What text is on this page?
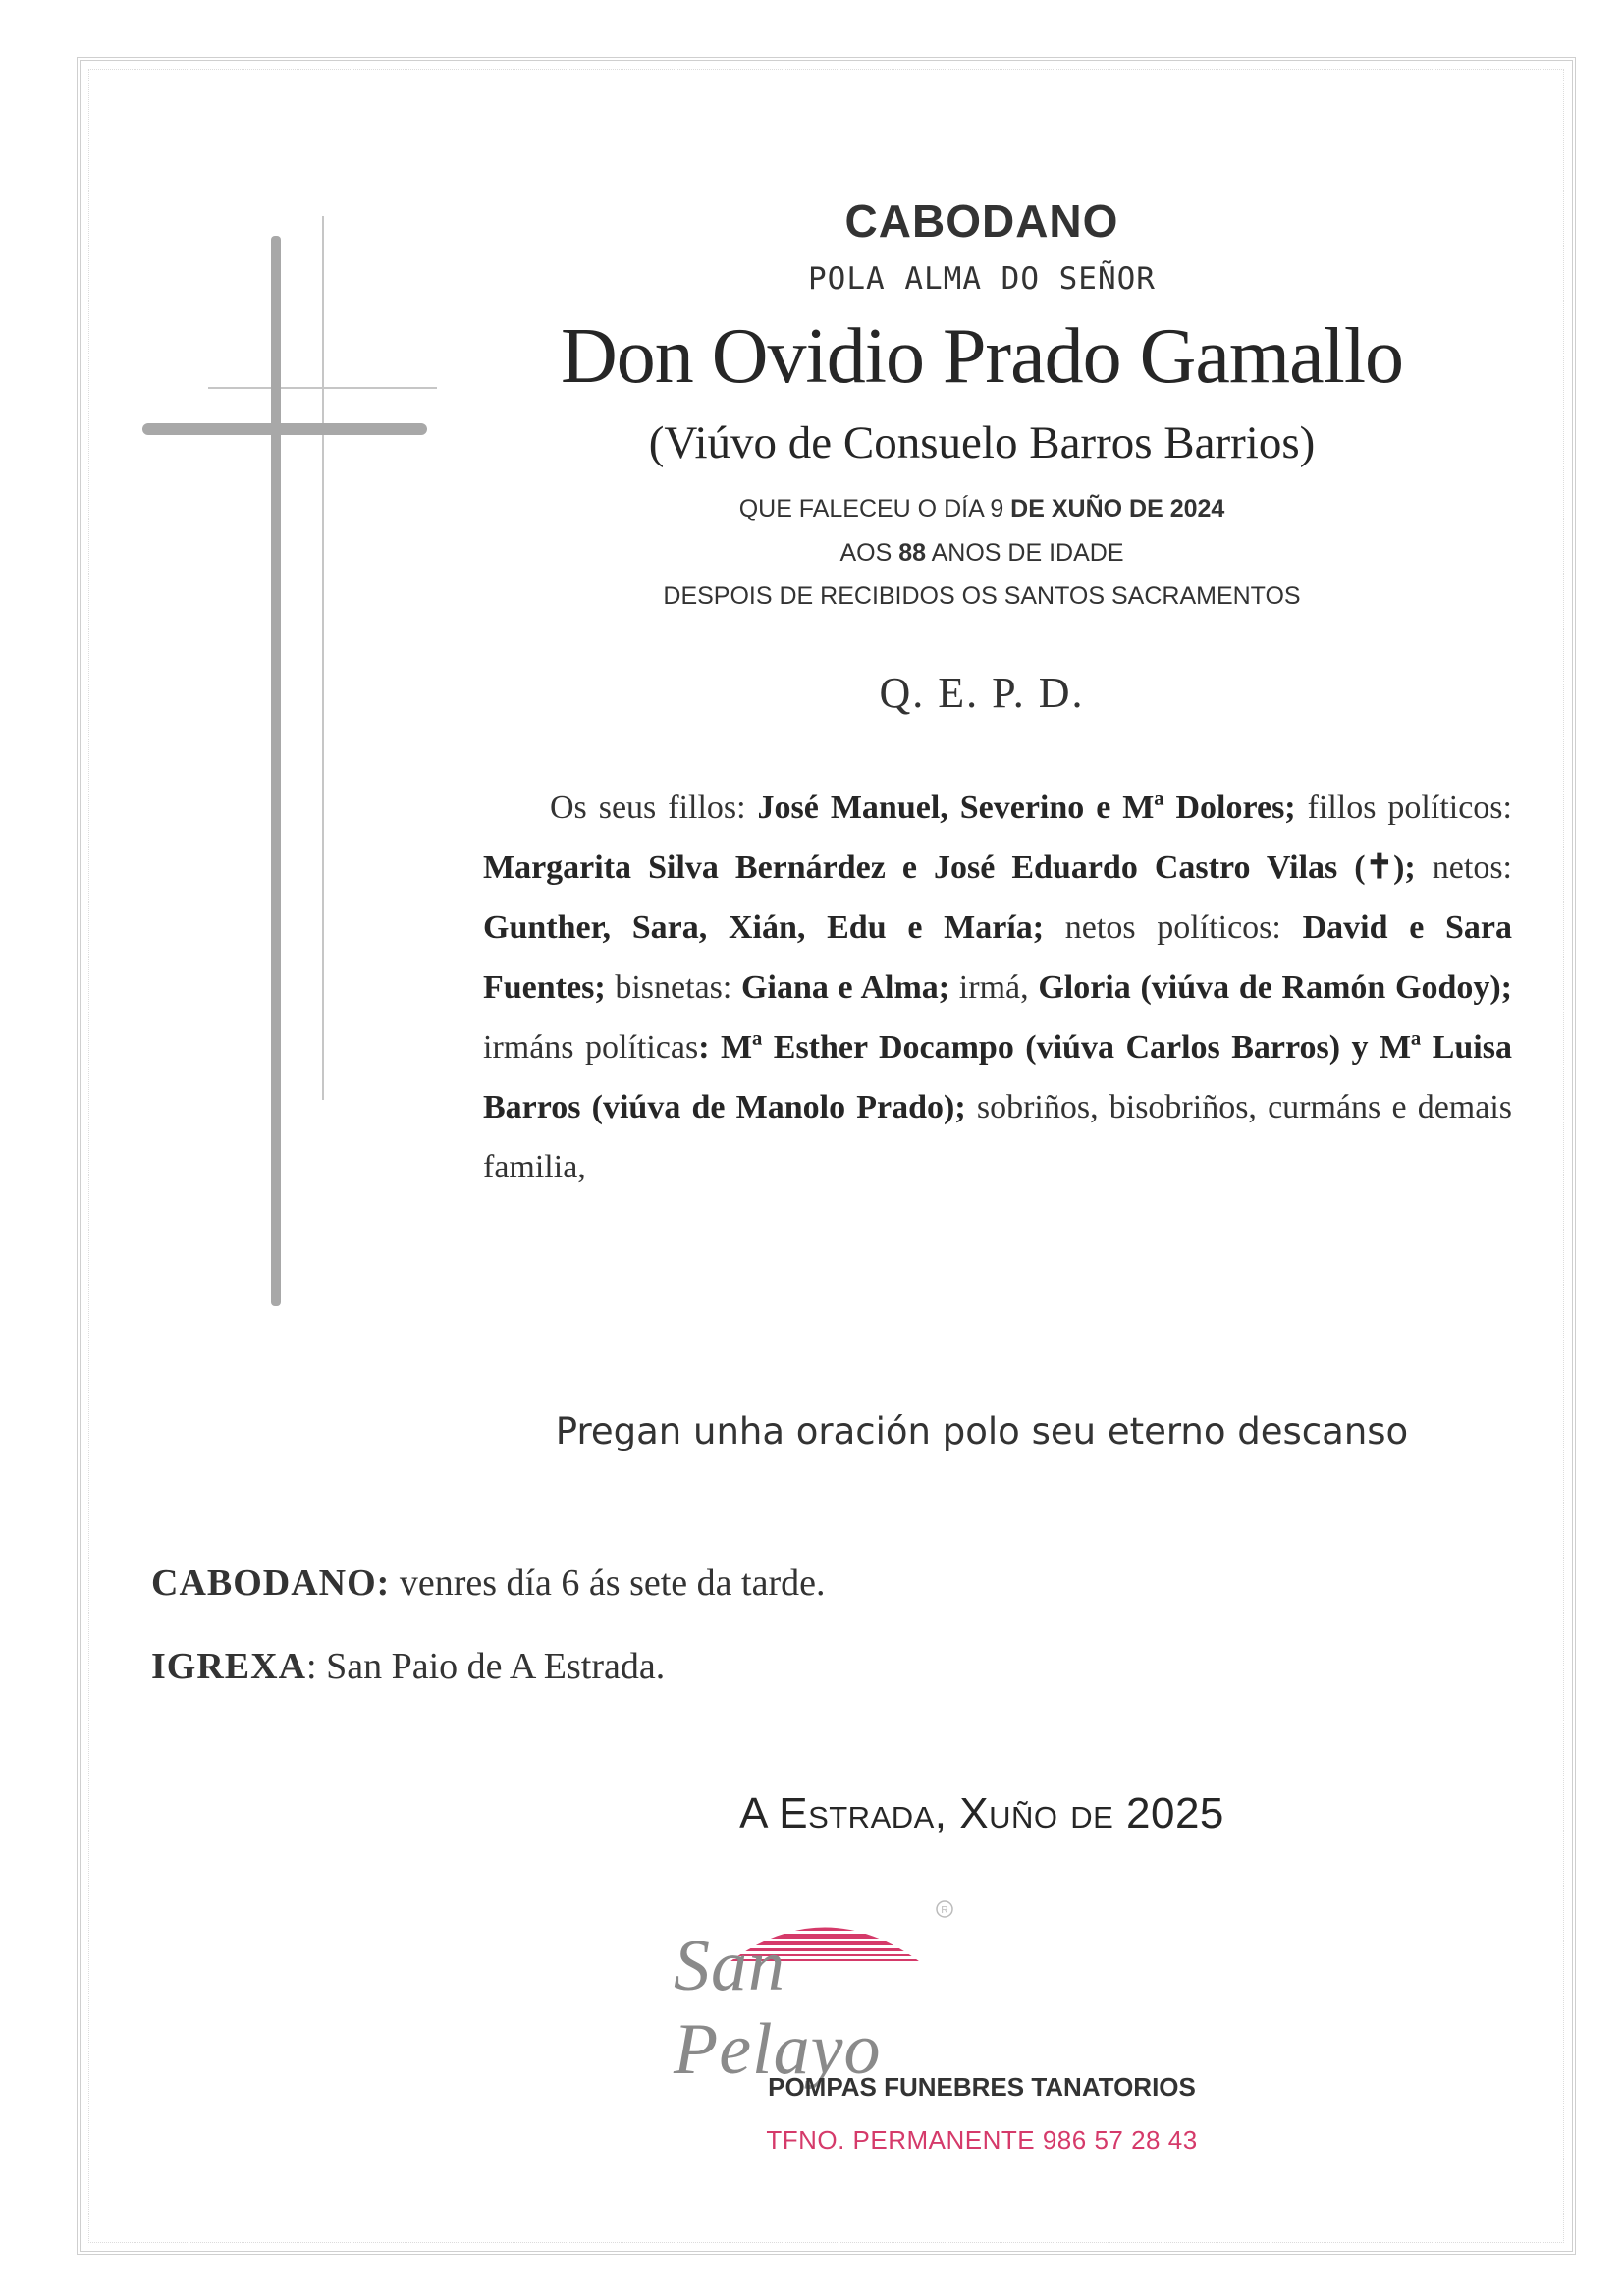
CABODANO
POLA ALMA DO SEÑOR
Don Ovidio Prado Gamallo
(Viúvo de Consuelo Barros Barrios)
QUE FALECEU O DÍA 9 DE XUÑO DE 2024
AOS 88 ANOS DE IDADE
DESPOIS DE RECIBIDOS OS SANTOS SACRAMENTOS
Q. E. P. D.
  Os seus fillos: José Manuel, Severino e Mª Dolores; fillos políticos: Margarita Silva Bernárdez e José Eduardo Castro Vilas (✝); netos: Gunther, Sara, Xián, Edu e María; netos políticos: David e Sara Fuentes; bisnetas: Giana e Alma; irmá, Gloria (viúva de Ramón Godoy); irmáns políticas: Mª Esther Docampo (viúva Carlos Barros) y Mª Luisa Barros (viúva de Manolo Prado); sobriños, bisobriños, curmáns e demais familia,
Pregan unha oración polo seu eterno descanso
CABODANO: venres día 6 ás sete da tarde.
IGREXA: San Paio de A Estrada.
A Estrada, Xuño de 2025
R
San Pelayo
POMPAS FUNEBRES TANATORIOS
TFNO. PERMANENTE 986 57 28 43
